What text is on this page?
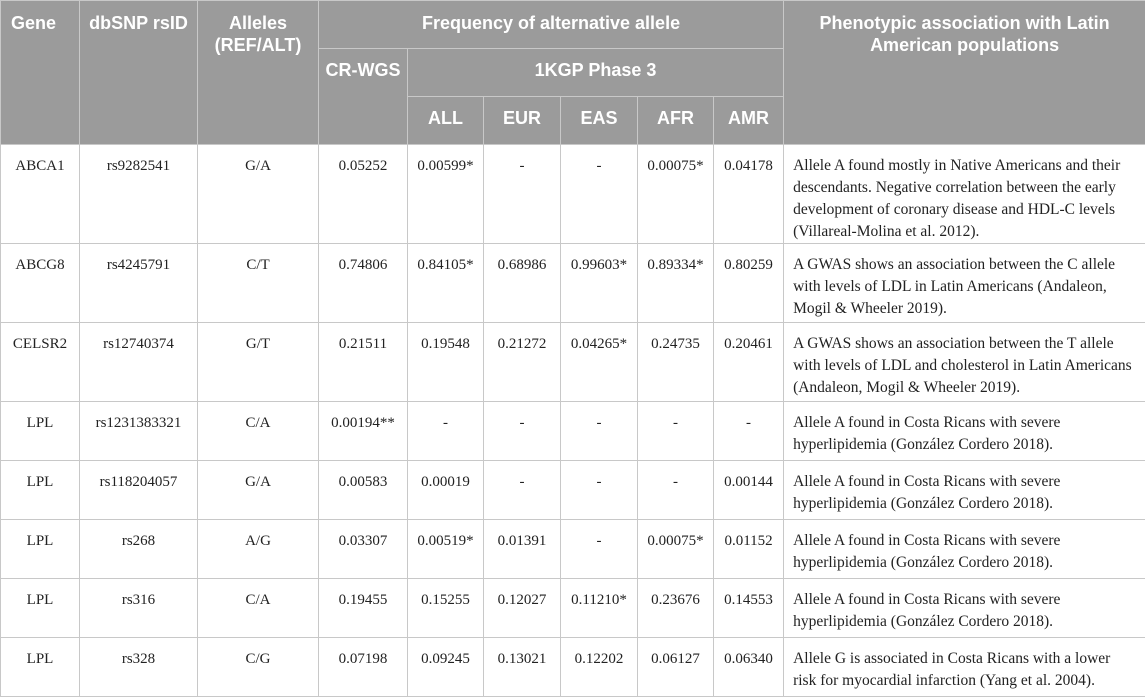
Gene	dbSNP rsID	Alleles (REF/ALT)	Frequency of alternative allele						Phenotypic association with Latin American populations
			CR-WGS	1KGP Phase 3					
				ALL	EUR	EAS	AFR	AMR	
ABCA1	rs9282541	G/A	0.05252	0.00599*	-	-	0.00075*	0.04178	Allele A found mostly in Native Americans and their descendants. Negative correlation between the early development of coronary disease and HDL-C levels (Villareal-Molina et al. 2012).
ABCG8	rs4245791	C/T	0.74806	0.84105*	0.68986	0.99603*	0.89334*	0.80259	A GWAS shows an association between the C allele with levels of LDL in Latin Americans (Andaleon, Mogil & Wheeler 2019).
CELSR2	rs12740374	G/T	0.21511	0.19548	0.21272	0.04265*	0.24735	0.20461	A GWAS shows an association between the T allele with levels of LDL and cholesterol in Latin Americans (Andaleon, Mogil & Wheeler 2019).
LPL	rs1231383321	C/A	0.00194**	-	-	-	-	-	Allele A found in Costa Ricans with severe hyperlipidemia (González Cordero 2018).
LPL	rs118204057	G/A	0.00583	0.00019	-	-	-	0.00144	Allele A found in Costa Ricans with severe hyperlipidemia (González Cordero 2018).
LPL	rs268	A/G	0.03307	0.00519*	0.01391	-	0.00075*	0.01152	Allele A found in Costa Ricans with severe hyperlipidemia (González Cordero 2018).
LPL	rs316	C/A	0.19455	0.15255	0.12027	0.11210*	0.23676	0.14553	Allele A found in Costa Ricans with severe hyperlipidemia (González Cordero 2018).
LPL	rs328	C/G	0.07198	0.09245	0.13021	0.12202	0.06127	0.06340	Allele G is associated in Costa Ricans with a lower risk for myocardial infarction (Yang et al. 2004).
